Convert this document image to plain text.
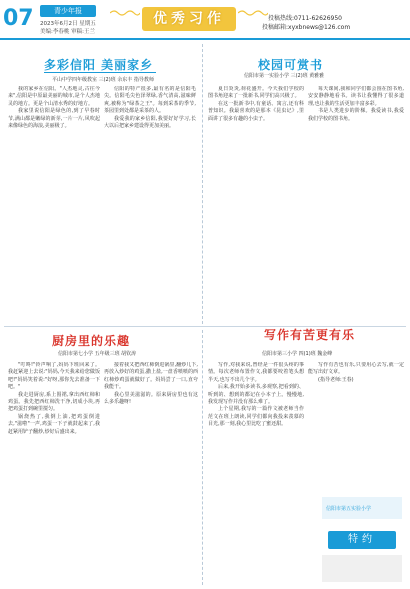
07	青少年报
2023年6月2日 星期五
美编:李春桃 审稿:王兰
优秀习作	投稿热线:0711-62626950
投稿邮箱:xyxbnews@126.com
多彩信阳 美丽家乡
平山中学四年级教室 三(2)班 余东丰 指导教师

我的家乡在信阳。"人杰地灵,古往今来",信阳是中原最美丽的城市,是个人杰地灵的地方。更是个山清水秀的好地方。

我家里说信阳是绿色的,到了早春时节,满山都是嫩绿的新芽,一片一片,风吹起来像绿色的海浪,美丽极了。

信阳的特产很多,最有名的是信阳毛尖。信阳毛尖色泽翠绿,香气清高,滋味鲜爽,被称为"绿茶之王"。每到采茶的季节,茶园里到处都是采茶的人。

我爱我的家乡信阳,我要好好学习,长大以后把家乡建设得更加美丽。

校园可赏书
信阳市第一实验小学 三(2)班 黄雅雅

夏日炎炎,荷花盛开。今天我们学校的图书角迎来了一批新书,同学们高兴极了。

在这一批新书中,有童话、寓言,还有科普知识。我最喜欢的是那本《昆虫记》,里面讲了很多有趣的小虫子。

每天课间,我和同学们都会围在图书角,安安静静地看书。读书让我懂得了很多道理,也让我的生活更加丰富多彩。

书是人类进步的阶梯。我爱读书,我爱我们学校的图书角。

厨房里的乐趣
信阳市第七小学 五年级三班 胡钦涛

"叮咚!"铃声响了,妈妈下班回来了。我赶紧迎上去说:"妈妈,今天我来给您做饭吧!"妈妈笑着说:"好呀,那你先去准备一下吧。"

我走进厨房,系上围裙,拿出西红柿和鸡蛋。我先把西红柿洗干净,切成小块,再把鸡蛋打到碗里搅匀。

锅烧热了,我倒上油,把鸡蛋倒进去,"滋啦"一声,鸡蛋一下子就鼓起来了,我赶紧用铲子翻炒,炒好后盛出来。

接着我又把西红柿倒进锅里,翻炒几下,再放入炒好的鸡蛋,撒上盐,一盘香喷喷的西红柿炒鸡蛋就做好了。妈妈尝了一口,直夸我能干。

我心里美滋滋的。原来厨房里也有这么多乐趣呀!

写作有苦更有乐
信阳市第三小学 四(1)班 魏金峰

写作,对我来说,曾经是一件很头疼的事情。每次老师布置作文,我都要咬着笔头想半天,也写不出几个字。

后来,我开始多读书,多观察,把看到的、听到的、想到的都记在小本子上。慢慢地,我发现写作并没有那么难了。

上个星期,我写的一篇作文被老师当作范文在班上朗读,同学们都向我投来羡慕的目光,那一刻,我心里比吃了蜜还甜。

写作有苦也有乐,只要用心去写,就一定能写出好文章。

(指导老师:王春)

信阳市第五实验小学
特约
